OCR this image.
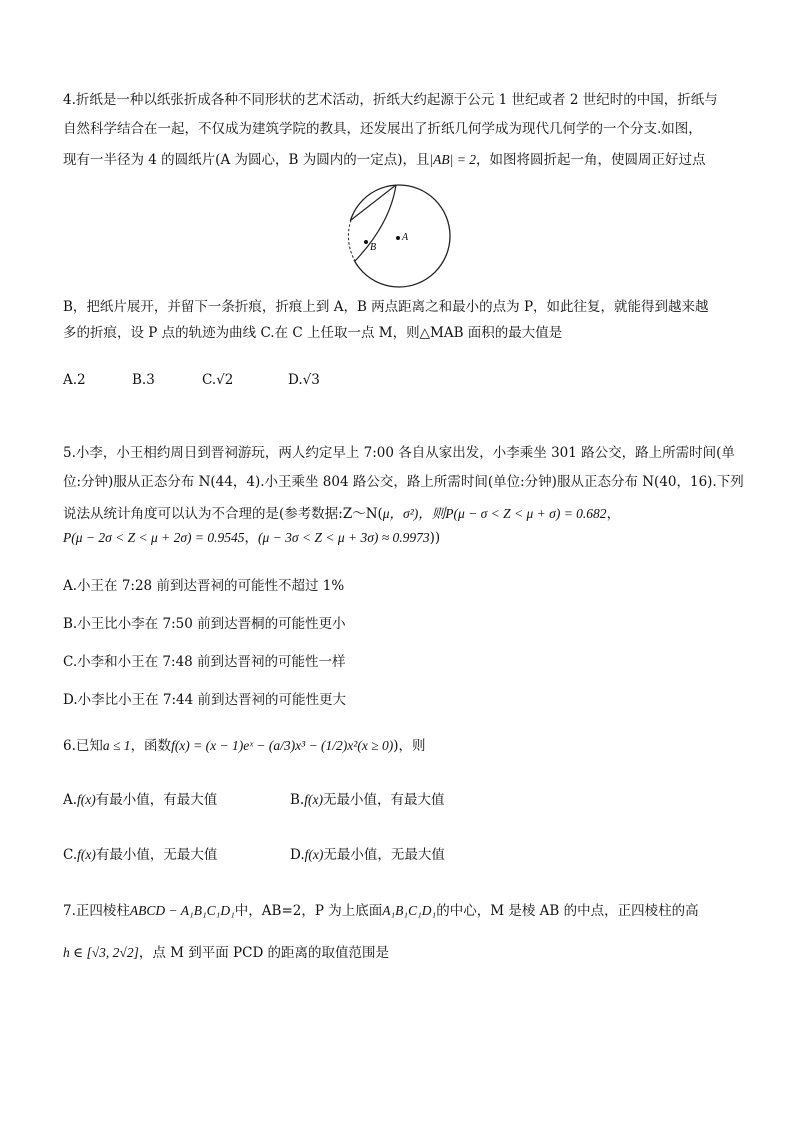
4.折纸是一种以纸张折成各种不同形状的艺术活动，折纸大约起源于公元 1 世纪或者 2 世纪时的中国，折纸与
自然科学结合在一起，不仅成为建筑学院的教具，还发展出了折纸几何学成为现代几何学的一个分支.如图，
现有一半径为 4 的圆纸片(A 为圆心，B 为圆内的一定点)，且|AB| = 2，如图将圆折起一角，使圆周正好过点
B
A
B，把纸片展开，并留下一条折痕，折痕上到 A，B 两点距离之和最小的点为 P，如此往复，就能得到越来越
多的折痕，设 P 点的轨迹为曲线 C.在 C 上任取一点 M，则△MAB 面积的最大值是
A.2	B.3	C.√2	D.√3
5.小李，小王相约周日到晋祠游玩，两人约定早上 7:00 各自从家出发，小李乘坐 301 路公交，路上所需时间(单
位:分钟)服从正态分布 N(44，4).小王乘坐 804 路公交，路上所需时间(单位:分钟)服从正态分布 N(40，16).下列
说法从统计角度可以认为不合理的是(参考数据:Z～N(μ，σ²)，则P(μ − σ < Z < μ + σ) = 0.682，
P(μ − 2σ < Z < μ + 2σ) = 0.9545，(μ − 3σ < Z < μ + 3σ) ≈ 0.9973))
A.小王在 7:28 前到达晋祠的可能性不超过 1%
B.小王比小李在 7:50 前到达晋桐的可能性更小
C.小李和小王在 7:48 前到达晋祠的可能性一样
D.小李比小王在 7:44 前到达晋祠的可能性更大
6.已知a ≤ 1，函数f(x) = (x − 1)eˣ − (a/3)x³ − (1/2)x²(x ≥ 0))，则
A.f(x)有最小值，有最大值	B.f(x)无最小值，有最大值
C.f(x)有最小值，无最大值	D.f(x)无最小值，无最大值
7.正四棱柱ABCD − A₁B₁C₁D₁中，AB=2，P 为上底面A₁B₁C₁D₁的中心，M 是棱 AB 的中点，正四棱柱的高
h ∈ [√3, 2√2]，点 M 到平面 PCD 的距离的取值范围是
